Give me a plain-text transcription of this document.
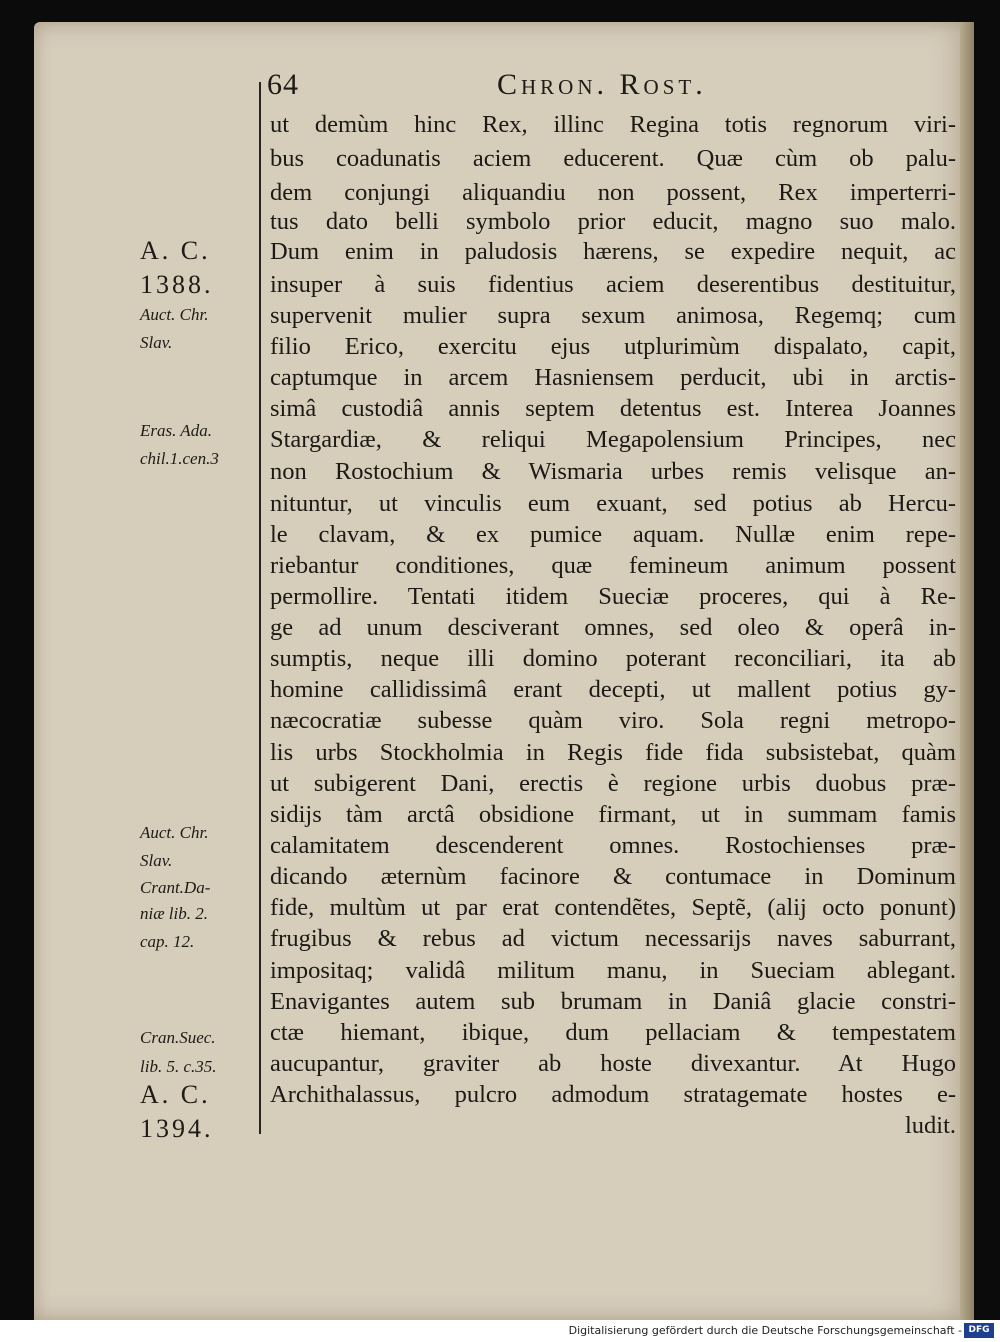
64	Chron. Rost.
A. C.
1388.
Auct. Chr.
Slav.
Eras. Ada.
chil.1.cen.3
Auct. Chr.
Slav.
Crant.Da-
niæ lib. 2.
cap. 12.
Cran.Suec.
lib. 5. c.35.
A. C.
1394.
ut demùm hinc Rex, illinc Regina totis regnorum viri-
bus coadunatis aciem educerent. Quæ cùm ob palu-
dem conjungi aliquandiu non possent, Rex imperterri-
tus dato belli symbolo prior educit, magno suo malo.
Dum enim in paludosis hærens, se expedire nequit, ac
insuper à suis fidentius aciem deserentibus destituitur,
supervenit mulier supra sexum animosa, Regemq; cum
filio Erico, exercitu ejus utplurimùm dispalato, capit,
captumque in arcem Hasniensem perducit, ubi in arctis-
simâ custodiâ annis septem detentus est. Interea Joannes
Stargardiæ, & reliqui Megapolensium Principes, nec
non Rostochium & Wismaria urbes remis velisque an-
nituntur, ut vinculis eum exuant, sed potius ab Hercu-
le clavam, & ex pumice aquam. Nullæ enim repe-
riebantur conditiones, quæ femineum animum possent
permollire. Tentati itidem Sueciæ proceres, qui à Re-
ge ad unum desciverant omnes, sed oleo & operâ in-
sumptis, neque illi domino poterant reconciliari, ita ab
homine callidissimâ erant decepti, ut mallent potius gy-
næcocratiæ subesse quàm viro. Sola regni metropo-
lis urbs Stockholmia in Regis fide fida subsistebat, quàm
ut subigerent Dani, erectis è regione urbis duobus præ-
sidijs tàm arctâ obsidione firmant, ut in summam famis
calamitatem descenderent omnes. Rostochienses præ-
dicando æternùm facinore & contumace in Dominum
fide, multùm ut par erat contendẽtes, Septẽ, (alij octo ponunt)
frugibus & rebus ad victum necessarijs naves saburrant,
impositaq; validâ militum manu, in Sueciam ablegant.
Enavigantes autem sub brumam in Daniâ glacie constri-
ctæ hiemant, ibique, dum pellaciam & tempestatem
aucupantur, graviter ab hoste divexantur. At Hugo
Archithalassus, pulcro admodum stratagemate hostes e-
ludit.
Digitalisierung gefördert durch die Deutsche Forschungsgemeinschaft - DFG
